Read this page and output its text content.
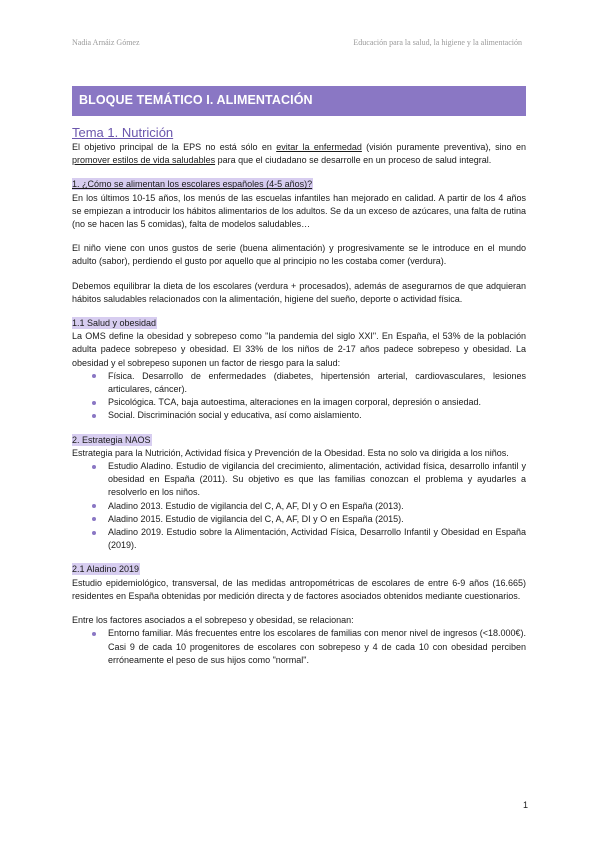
Nadia Arnáiz Gómez	Educación para la salud, la higiene y la alimentación
BLOQUE TEMÁTICO I. ALIMENTACIÓN

Tema 1. Nutrición

El objetivo principal de la EPS no está sólo en evitar la enfermedad (visión puramente preventiva), sino en promover estilos de vida saludables para que el ciudadano se desarrolle en un proceso de salud integral.

1. ¿Cómo se alimentan los escolares españoles (4-5 años)?

En los últimos 10-15 años, los menús de las escuelas infantiles han mejorado en calidad. A partir de los 4 años se empiezan a introducir los hábitos alimentarios de los adultos. Se da un exceso de azúcares, una falta de rutina (no se hacen las 5 comidas), falta de modelos saludables…

El niño viene con unos gustos de serie (buena alimentación) y progresivamente se le introduce en el mundo adulto (sabor), perdiendo el gusto por aquello que al principio no les costaba comer (verdura).

Debemos equilibrar la dieta de los escolares (verdura + procesados), además de asegurarnos de que adquieran hábitos saludables relacionados con la alimentación, higiene del sueño, deporte o actividad física.

1.1 Salud y obesidad

La OMS define la obesidad y sobrepeso como "la pandemia del siglo XXI". En España, el 53% de la población adulta padece sobrepeso y obesidad. El 33% de los niños de 2-17 años padece sobrepeso y obesidad. La obesidad y el sobrepeso suponen un factor de riesgo para la salud:

Física. Desarrollo de enfermedades (diabetes, hipertensión arterial, cardiovasculares, lesiones articulares, cáncer).
Psicológica. TCA, baja autoestima, alteraciones en la imagen corporal, depresión o ansiedad.
Social. Discriminación social y educativa, así como aislamiento.

2. Estrategia NAOS

Estrategia para la Nutrición, Actividad física y Prevención de la Obesidad. Esta no solo va dirigida a los niños.

Estudio Aladino. Estudio de vigilancia del crecimiento, alimentación, actividad física, desarrollo infantil y obesidad en España (2011). Su objetivo es que las familias conozcan el problema y ayudarles a resolverlo en los niños.
Aladino 2013. Estudio de vigilancia del C, A, AF, DI y O en España (2013).
Aladino 2015. Estudio de vigilancia del C, A, AF, DI y O en España (2015).
Aladino 2019. Estudio sobre la Alimentación, Actividad Física, Desarrollo Infantil y Obesidad en España (2019).

2.1 Aladino 2019

Estudio epidemiológico, transversal, de las medidas antropométricas de escolares de entre 6-9 años (16.665) residentes en España obtenidas por medición directa y de factores asociados obtenidos mediante cuestionarios.

Entre los factores asociados a el sobrepeso y obesidad, se relacionan:

Entorno familiar. Más frecuentes entre los escolares de familias con menor nivel de ingresos (<18.000€). Casi 9 de cada 10 progenitores de escolares con sobrepeso y 4 de cada 10 con obesidad perciben erróneamente el peso de sus hijos como "normal".
1
